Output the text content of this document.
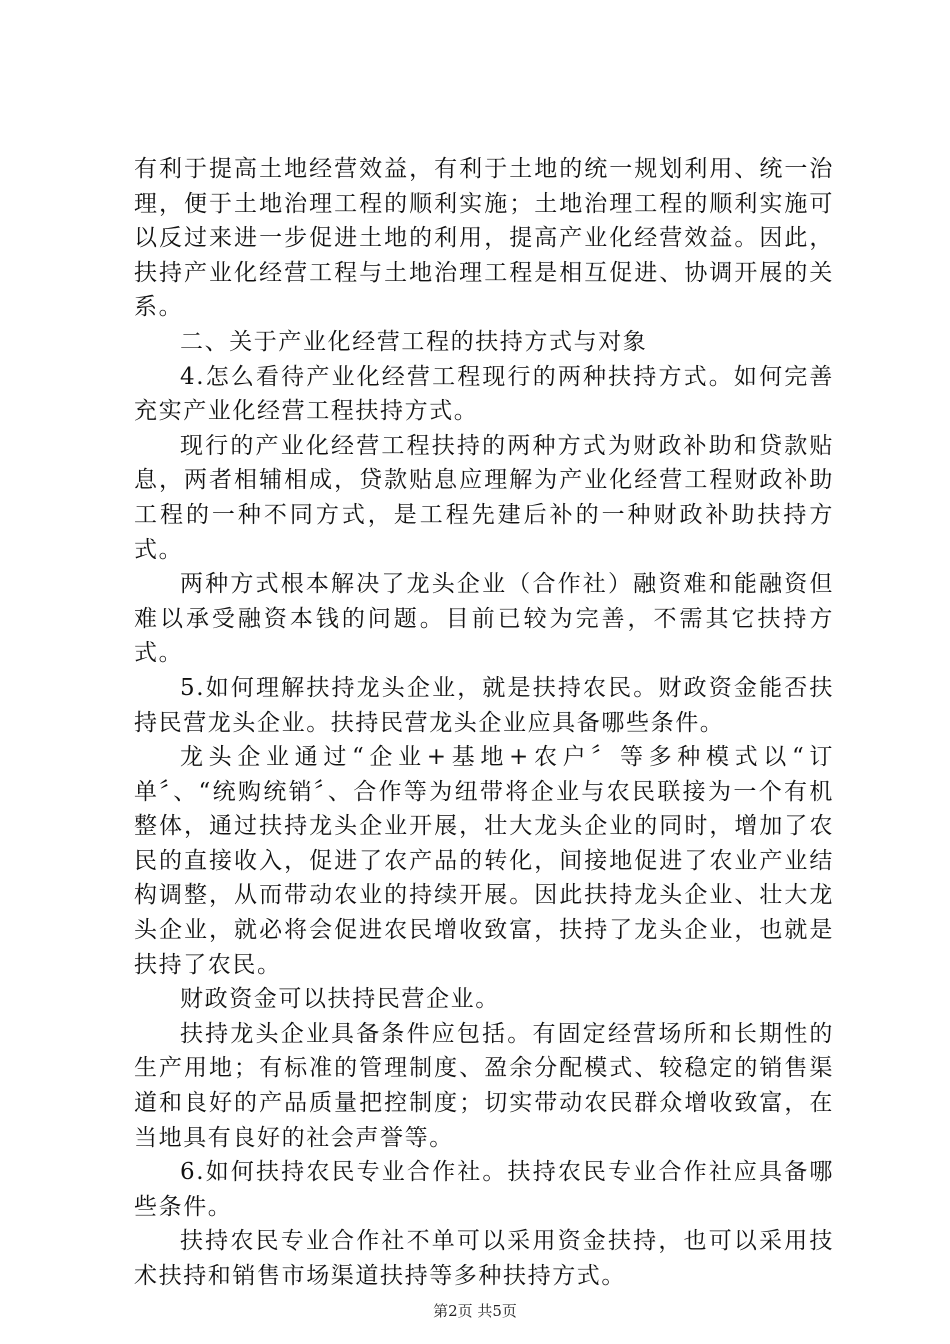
有利于提高土地经营效益，有利于土地的统一规划利用、统一治理，便于土地治理工程的顺利实施；土地治理工程的顺利实施可以反过来进一步促进土地的利用，提高产业化经营效益。因此，扶持产业化经营工程与土地治理工程是相互促进、协调开展的关系。

二、关于产业化经营工程的扶持方式与对象

4.怎么看待产业化经营工程现行的两种扶持方式。如何完善充实产业化经营工程扶持方式。

现行的产业化经营工程扶持的两种方式为财政补助和贷款贴息，两者相辅相成，贷款贴息应理解为产业化经营工程财政补助工程的一种不同方式，是工程先建后补的一种财政补助扶持方式。

两种方式根本解决了龙头企业（合作社）融资难和能融资但难以承受融资本钱的问题。目前已较为完善，不需其它扶持方式。

5.如何理解扶持龙头企业，就是扶持农民。财政资金能否扶持民营龙头企业。扶持民营龙头企业应具备哪些条件。

龙头企业通过“企业+基地+农户〞等多种模式以“订单〞、“统购统销〞、合作等为纽带将企业与农民联接为一个有机整体，通过扶持龙头企业开展，壮大龙头企业的同时，增加了农民的直接收入，促进了农产品的转化，间接地促进了农业产业结构调整，从而带动农业的持续开展。因此扶持龙头企业、壮大龙头企业，就必将会促进农民增收致富，扶持了龙头企业，也就是扶持了农民。

财政资金可以扶持民营企业。

扶持龙头企业具备条件应包括。有固定经营场所和长期性的生产用地；有标准的管理制度、盈余分配模式、较稳定的销售渠道和良好的产品质量把控制度；切实带动农民群众增收致富，在当地具有良好的社会声誉等。

6.如何扶持农民专业合作社。扶持农民专业合作社应具备哪些条件。

扶持农民专业合作社不单可以采用资金扶持，也可以采用技术扶持和销售市场渠道扶持等多种扶持方式。

第2页 共5页
